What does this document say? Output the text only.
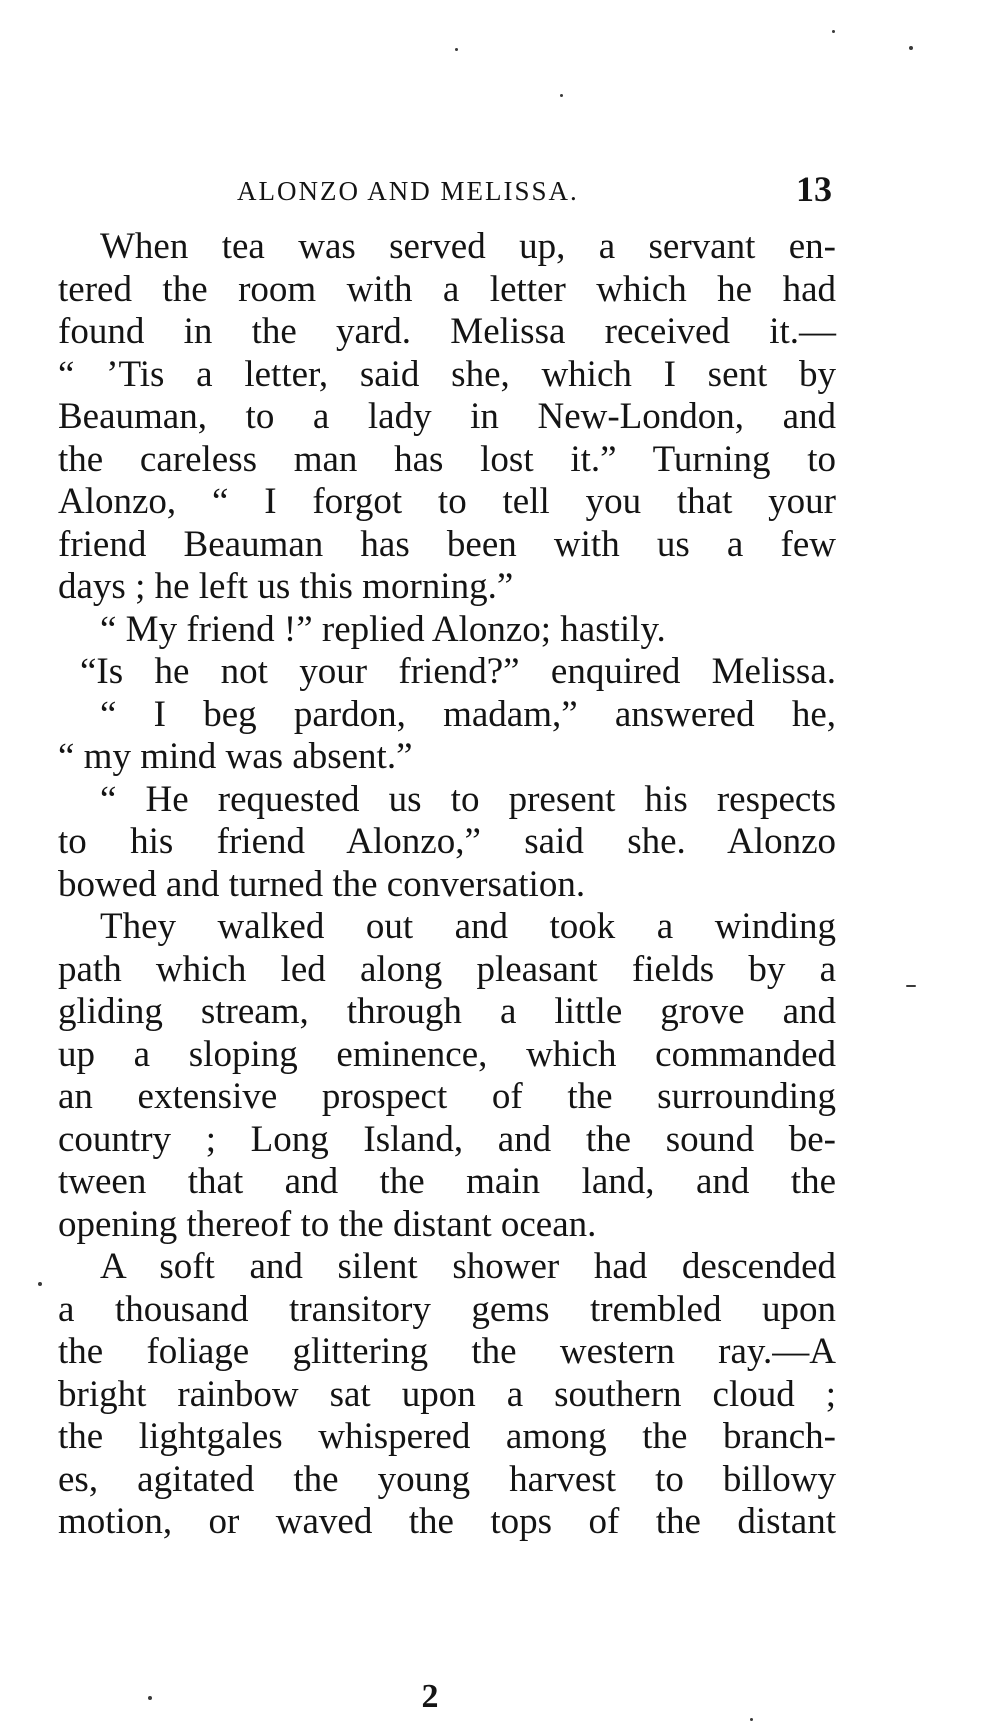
ALONZO AND MELISSA.	13
When tea was served up, a servant en-
tered the room with a letter which he had
found in the yard. Melissa received it.—
“ ’Tis a letter, said she, which I sent by
Beauman, to a lady in New-London, and
the careless man has lost it.” Turning to
Alonzo, “ I forgot to tell you that your
friend Beauman has been with us a few
days ; he left us this morning.”
“ My friend !” replied Alonzo; hastily.
“Is he not your friend?” enquired Melissa.
“ I beg pardon, madam,” answered he,
“ my mind was absent.”
“ He requested us to present his respects
to his friend Alonzo,” said she. Alonzo
bowed and turned the conversation.
They walked out and took a winding
path which led along pleasant fields by a
gliding stream, through a little grove and
up a sloping eminence, which commanded
an extensive prospect of the surrounding
country ; Long Island, and the sound be-
tween that and the main land, and the
opening thereof to the distant ocean.
A soft and silent shower had descended
a thousand transitory gems trembled upon
the foliage glittering the western ray.—A
bright rainbow sat upon a southern cloud ;
the lightgales whispered among the branch-
es, agitated the young harvest to billowy
motion, or waved the tops of the distant
2
